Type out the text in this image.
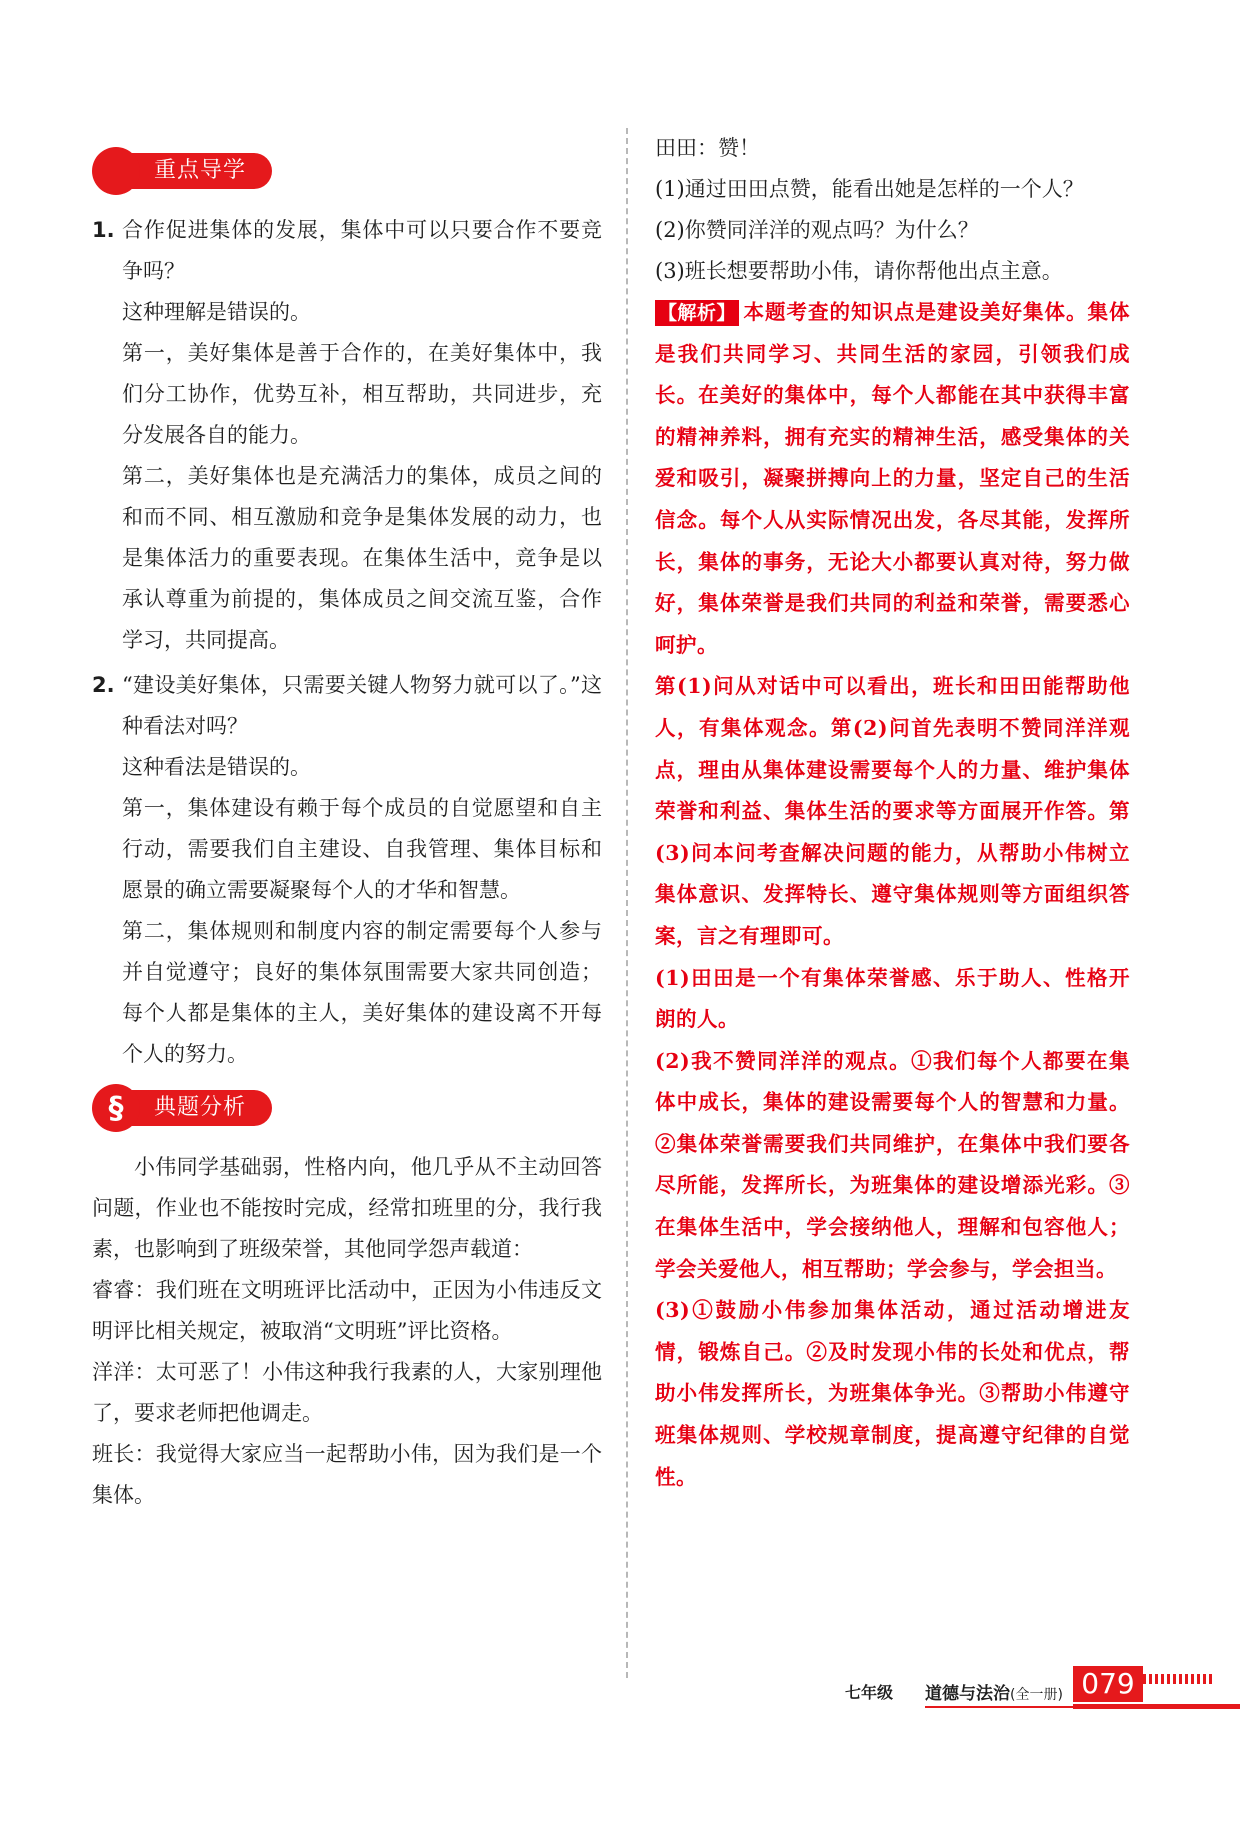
重点导学
1. 合作促进集体的发展，集体中可以只要合作不要竞争吗？

这种理解是错误的。

第一，美好集体是善于合作的，在美好集体中，我们分工协作，优势互补，相互帮助，共同进步，充分发展各自的能力。

第二，美好集体也是充满活力的集体，成员之间的和而不同、相互激励和竞争是集体发展的动力，也是集体活力的重要表现。在集体生活中，竞争是以承认尊重为前提的，集体成员之间交流互鉴，合作学习，共同提高。

2. “建设美好集体，只需要关键人物努力就可以了。”这种看法对吗？

这种看法是错误的。

第一，集体建设有赖于每个成员的自觉愿望和自主行动，需要我们自主建设、自我管理、集体目标和愿景的确立需要凝聚每个人的才华和智慧。

第二，集体规则和制度内容的制定需要每个人参与并自觉遵守；良好的集体氛围需要大家共同创造；每个人都是集体的主人，美好集体的建设离不开每个人的努力。

§	典题分析

小伟同学基础弱，性格内向，他几乎从不主动回答问题，作业也不能按时完成，经常扣班里的分，我行我素，也影响到了班级荣誉，其他同学怨声载道：

睿睿：我们班在文明班评比活动中，正因为小伟违反文明评比相关规定，被取消“文明班”评比资格。

洋洋：太可恶了！小伟这种我行我素的人，大家别理他了，要求老师把他调走。

班长：我觉得大家应当一起帮助小伟，因为我们是一个集体。

田田：赞！

(1)通过田田点赞，能看出她是怎样的一个人？

(2)你赞同洋洋的观点吗？为什么？

(3)班长想要帮助小伟，请你帮他出点主意。

【解析】 本题考查的知识点是建设美好集体。集体是我们共同学习、共同生活的家园，引领我们成长。在美好的集体中，每个人都能在其中获得丰富的精神养料，拥有充实的精神生活，感受集体的关爱和吸引，凝聚拼搏向上的力量，坚定自己的生活信念。每个人从实际情况出发，各尽其能，发挥所长，集体的事务，无论大小都要认真对待，努力做好，集体荣誉是我们共同的利益和荣誉，需要悉心呵护。

第(1)问从对话中可以看出，班长和田田能帮助他人，有集体观念。第(2)问首先表明不赞同洋洋观点，理由从集体建设需要每个人的力量、维护集体荣誉和利益、集体生活的要求等方面展开作答。第(3)问本问考查解决问题的能力，从帮助小伟树立集体意识、发挥特长、遵守集体规则等方面组织答案，言之有理即可。

(1)田田是一个有集体荣誉感、乐于助人、性格开朗的人。

(2)我不赞同洋洋的观点。①我们每个人都要在集体中成长，集体的建设需要每个人的智慧和力量。②集体荣誉需要我们共同维护，在集体中我们要各尽所能，发挥所长，为班集体的建设增添光彩。③在集体生活中，学会接纳他人，理解和包容他人；学会关爱他人，相互帮助；学会参与，学会担当。

(3)①鼓励小伟参加集体活动，通过活动增进友情，锻炼自己。②及时发现小伟的长处和优点，帮助小伟发挥所长，为班集体争光。③帮助小伟遵守班集体规则、学校规章制度，提高遵守纪律的自觉性。

七年级 道德与法治(全一册) 079
